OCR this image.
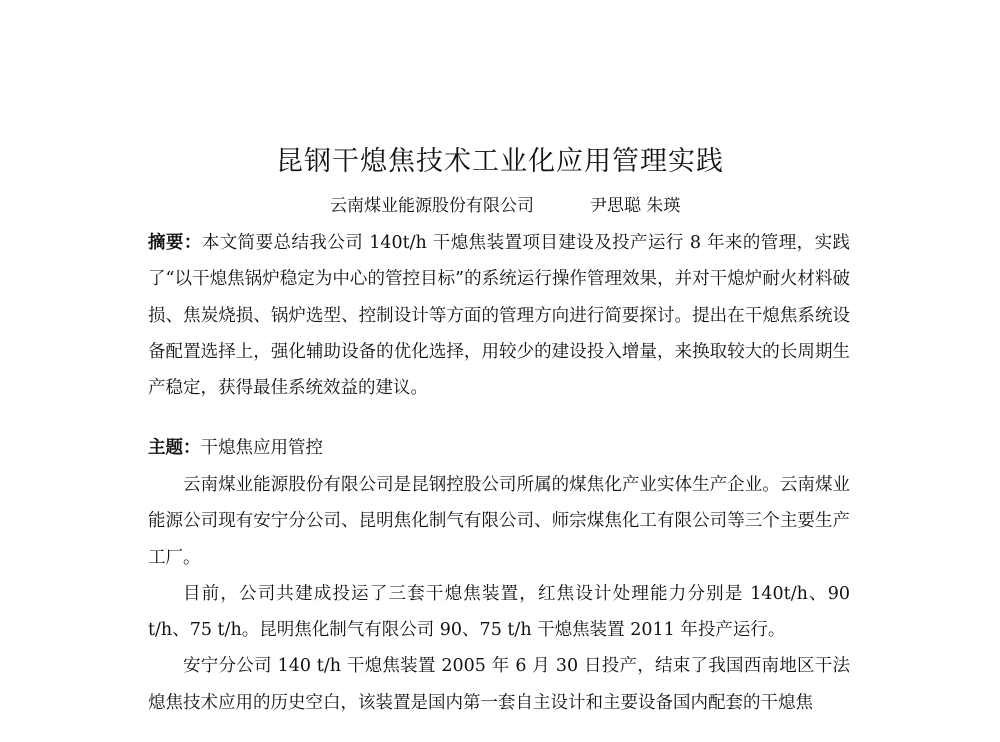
昆钢干熄焦技术工业化应用管理实践
云南煤业能源股份有限公司	尹思聪 朱瑛

摘要：本文简要总结我公司 140t/h 干熄焦装置项目建设及投产运行 8 年来的管理，实践了“以干熄焦锅炉稳定为中心的管控目标”的系统运行操作管理效果，并对干熄炉耐火材料破损、焦炭烧损、锅炉选型、控制设计等方面的管理方向进行简要探讨。提出在干熄焦系统设备配置选择上，强化辅助设备的优化选择，用较少的建设投入增量，来换取较大的长周期生产稳定，获得最佳系统效益的建议。

主题：干熄焦应用管控

云南煤业能源股份有限公司是昆钢控股公司所属的煤焦化产业实体生产企业。云南煤业能源公司现有安宁分公司、昆明焦化制气有限公司、师宗煤焦化工有限公司等三个主要生产工厂。

目前，公司共建成投运了三套干熄焦装置，红焦设计处理能力分别是 140t/h、90 t/h、75 t/h。昆明焦化制气有限公司 90、75 t/h 干熄焦装置 2011 年投产运行。

安宁分公司 140 t/h 干熄焦装置 2005 年 6 月 30 日投产，结束了我国西南地区干法熄焦技术应用的历史空白，该装置是国内第一套自主设计和主要设备国内配套的干熄焦
